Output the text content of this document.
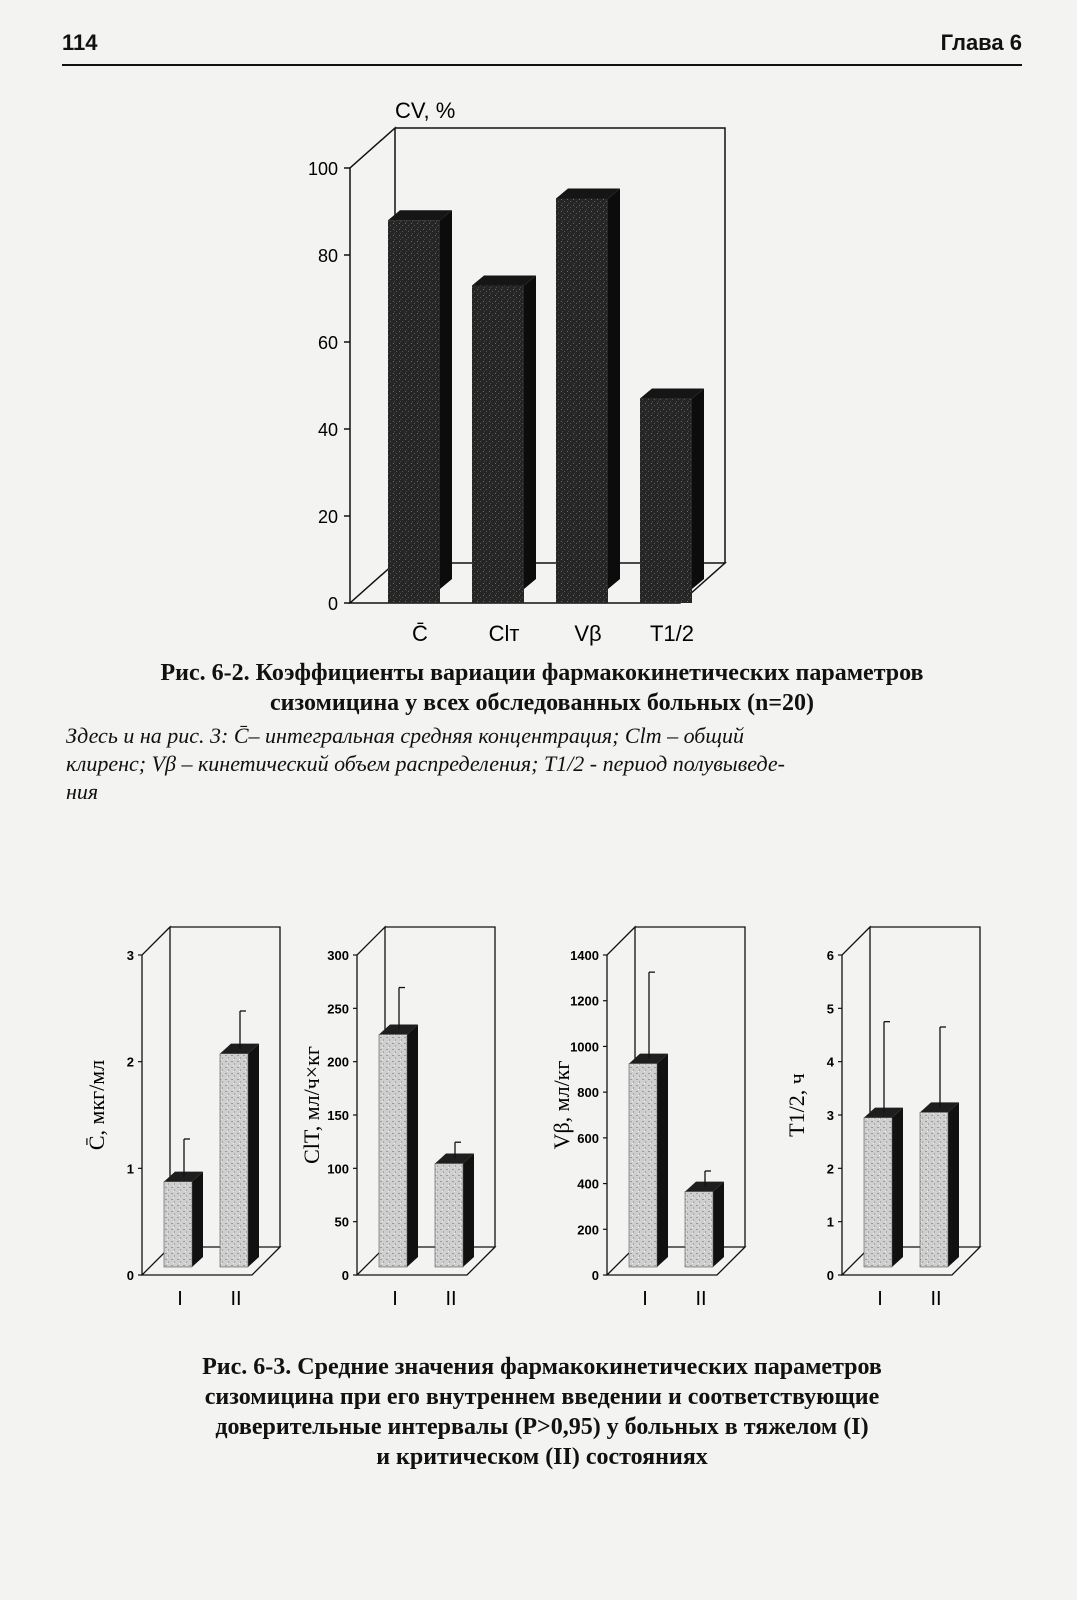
114	Глава 6
CV, %
0
20
40
60
80
100
C̄	Clт Vβ T1/2
Рис. 6-2. Коэффициенты вариации фармакокинетических параметров
сизомицина у всех обследованных больных (n=20)
Здесь и на рис. 3: C̄– интегральная средняя концентрация; Clт – общий
клиренс; Vβ – кинетический объем распределения; T1/2 - период полувыведе-
ния
0
1
2
3
C̄, мкг/мл
I II
0
50
100
150
200
250
300
ClT, мл/ч×кг
I II
0
200
400
600
800
1000
1200
1400
Vβ, мл/кг
I II
0
1
2
3
4
5
6
T1/2, ч
I II
Рис. 6-3. Средние значения фармакокинетических параметров
сизомицина при его внутреннем введении и соответствующие
доверительные интервалы (P>0,95) у больных в тяжелом (I)
и критическом (II) состояниях
